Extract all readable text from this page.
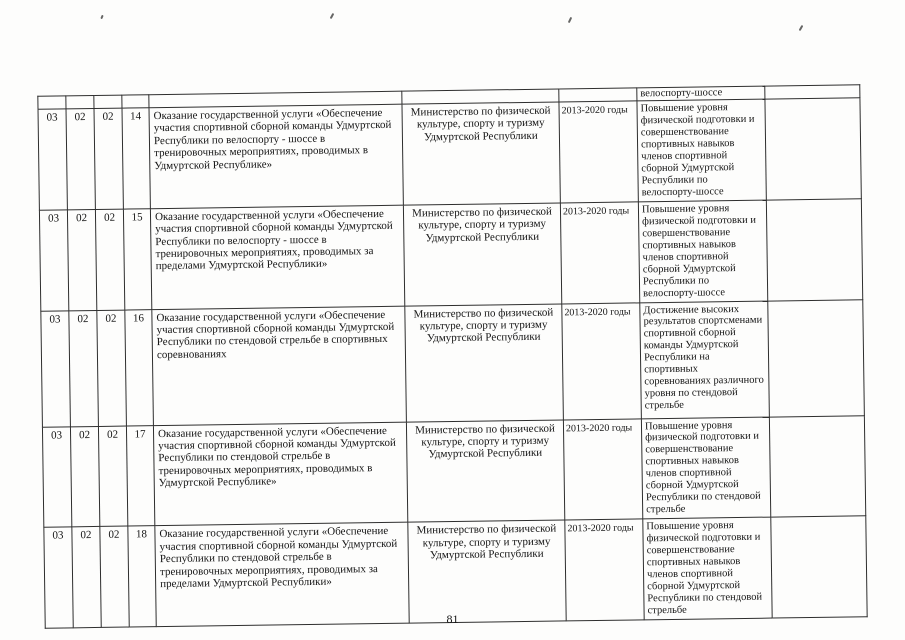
							велоспорту-шоссе	
03	02	02	14	Оказание государственной услуги «Обеспечение участия спортивной сборной команды Удмуртской Республики по велоспорту - шоссе в тренировочных мероприятиях, проводимых в Удмуртской Республике»	Министерство по физической культуре, спорту и туризму Удмуртской Республики	2013-2020 годы	Повышение уровня физической подготовки и совершенствование спортивных навыков членов спортивной сборной Удмуртской Республики по велоспорту-шоссе	
03	02	02	15	Оказание государственной услуги «Обеспечение участия спортивной сборной команды Удмуртской Республики по велоспорту - шоссе в тренировочных мероприятиях, проводимых за пределами Удмуртской Республики»	Министерство по физической культуре, спорту и туризму Удмуртской Республики	2013-2020 годы	Повышение уровня физической подготовки и совершенствование спортивных навыков членов спортивной сборной Удмуртской Республики по велоспорту-шоссе	
03	02	02	16	Оказание государственной услуги «Обеспечение участия спортивной сборной команды Удмуртской Республики по стендовой стрельбе в спортивных соревнованиях	Министерство по физической культуре, спорту и туризму Удмуртской Республики	2013-2020 годы	Достижение высоких результатов спортсменами спортивной сборной команды Удмуртской Республики на спортивных соревнованиях различного уровня по стендовой стрельбе	
03	02	02	17	Оказание государственной услуги «Обеспечение участия спортивной сборной команды Удмуртской Республики по стендовой стрельбе в тренировочных мероприятиях, проводимых в Удмуртской Республике»	Министерство по физической культуре, спорту и туризму Удмуртской Республики	2013-2020 годы	Повышение уровня физической подготовки и совершенствование спортивных навыков членов спортивной сборной Удмуртской Республики по стендовой стрельбе	
03	02	02	18	Оказание государственной услуги «Обеспечение участия спортивной сборной команды Удмуртской Республики по стендовой стрельбе в тренировочных мероприятиях, проводимых за пределами Удмуртской Республики»	Министерство по физической культуре, спорту и туризму Удмуртской Республики	2013-2020 годы	Повышение уровня физической подготовки и совершенствование спортивных навыков членов спортивной сборной Удмуртской Республики по стендовой стрельбе	
81
